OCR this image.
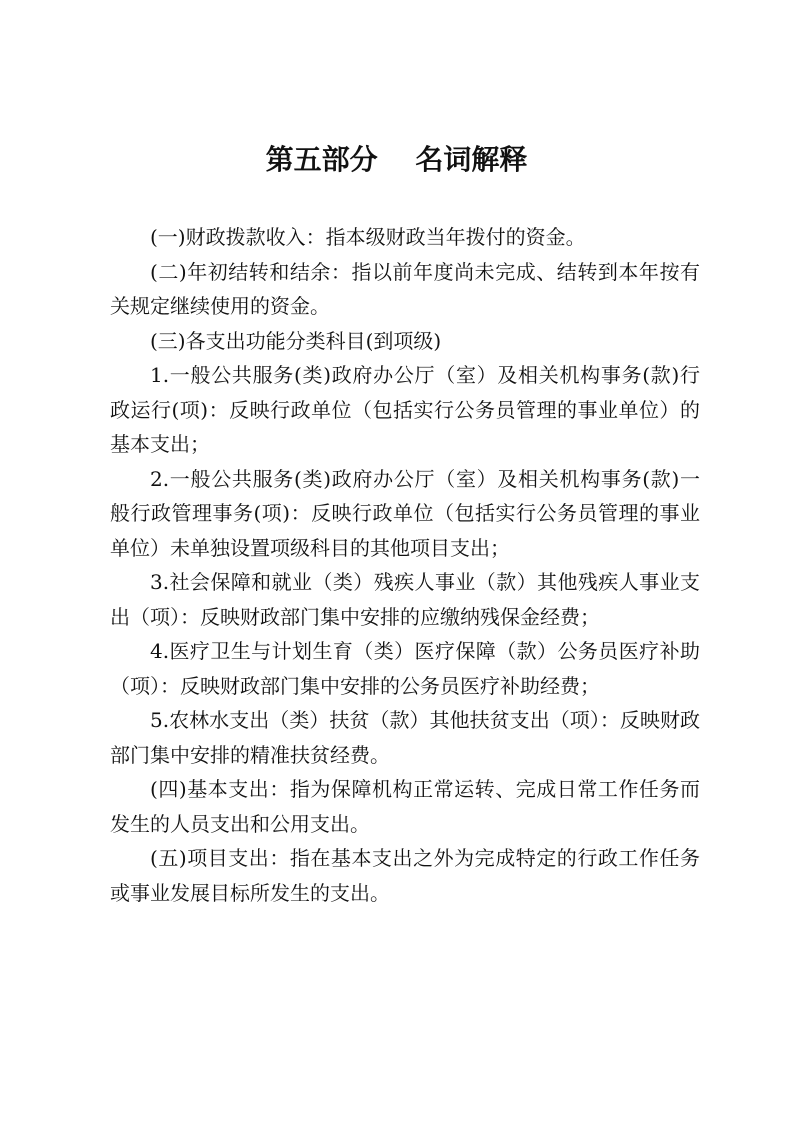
第五部分　 名词解释

(一)财政拨款收入：指本级财政当年拨付的资金。

(二)年初结转和结余：指以前年度尚未完成、结转到本年按有关规定继续使用的资金。

(三)各支出功能分类科目(到项级)

1.一般公共服务(类)政府办公厅（室）及相关机构事务(款)行政运行(项)：反映行政单位（包括实行公务员管理的事业单位）的基本支出；

2.一般公共服务(类)政府办公厅（室）及相关机构事务(款)一般行政管理事务(项)：反映行政单位（包括实行公务员管理的事业单位）未单独设置项级科目的其他项目支出；

3.社会保障和就业（类）残疾人事业（款）其他残疾人事业支出（项）：反映财政部门集中安排的应缴纳残保金经费；

4.医疗卫生与计划生育（类）医疗保障（款）公务员医疗补助（项）：反映财政部门集中安排的公务员医疗补助经费；

5.农林水支出（类）扶贫（款）其他扶贫支出（项）：反映财政部门集中安排的精准扶贫经费。

(四)基本支出：指为保障机构正常运转、完成日常工作任务而发生的人员支出和公用支出。

(五)项目支出：指在基本支出之外为完成特定的行政工作任务或事业发展目标所发生的支出。
